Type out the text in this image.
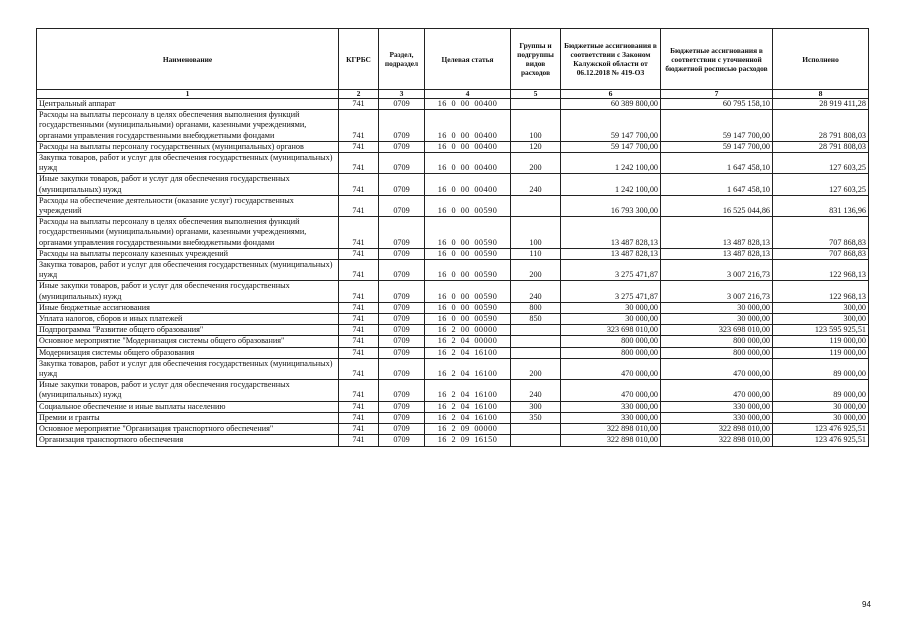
Наименование	КГРБС	Раздел, подраздел	Целевая статья	Группы и подгруппы видов расходов	Бюджетные ассигнования в соответствии с Законом Калужской области от 06.12.2018 № 419-ОЗ	Бюджетные ассигнования в соответствии с уточненной бюджетной росписью расходов	Исполнено
1	2	3	4	5	6	7	8
Центральный аппарат	741	0709	16 0 00 00400		60 389 800,00	60 795 158,10	28 919 411,28
Расходы на выплаты персоналу в целях обеспечения выполнения функций государственными (муниципальными) органами, казенными учреждениями, органами управления государственными внебюджетными фондами	741	0709	16 0 00 00400	100	59 147 700,00	59 147 700,00	28 791 808,03
Расходы на выплаты персоналу государственных (муниципальных) органов	741	0709	16 0 00 00400	120	59 147 700,00	59 147 700,00	28 791 808,03
Закупка товаров, работ и услуг для обеспечения государственных (муниципальных) нужд	741	0709	16 0 00 00400	200	1 242 100,00	1 647 458,10	127 603,25
Иные закупки товаров, работ и услуг для обеспечения государственных (муниципальных) нужд	741	0709	16 0 00 00400	240	1 242 100,00	1 647 458,10	127 603,25
Расходы на обеспечение деятельности (оказание услуг) государственных учреждений	741	0709	16 0 00 00590		16 793 300,00	16 525 044,86	831 136,96
Расходы на выплаты персоналу в целях обеспечения выполнения функций государственными (муниципальными) органами, казенными учреждениями, органами управления государственными внебюджетными фондами	741	0709	16 0 00 00590	100	13 487 828,13	13 487 828,13	707 868,83
Расходы на выплаты персоналу казенных учреждений	741	0709	16 0 00 00590	110	13 487 828,13	13 487 828,13	707 868,83
Закупка товаров, работ и услуг для обеспечения государственных (муниципальных) нужд	741	0709	16 0 00 00590	200	3 275 471,87	3 007 216,73	122 968,13
Иные закупки товаров, работ и услуг для обеспечения государственных (муниципальных) нужд	741	0709	16 0 00 00590	240	3 275 471,87	3 007 216,73	122 968,13
Иные бюджетные ассигнования	741	0709	16 0 00 00590	800	30 000,00	30 000,00	300,00
Уплата налогов, сборов и иных платежей	741	0709	16 0 00 00590	850	30 000,00	30 000,00	300,00
Подпрограмма "Развитие общего образования"	741	0709	16 2 00 00000		323 698 010,00	323 698 010,00	123 595 925,51
Основное мероприятие "Модернизация системы общего образования"	741	0709	16 2 04 00000		800 000,00	800 000,00	119 000,00
Модернизация системы общего образования	741	0709	16 2 04 16100		800 000,00	800 000,00	119 000,00
Закупка товаров, работ и услуг для обеспечения государственных (муниципальных) нужд	741	0709	16 2 04 16100	200	470 000,00	470 000,00	89 000,00
Иные закупки товаров, работ и услуг для обеспечения государственных (муниципальных) нужд	741	0709	16 2 04 16100	240	470 000,00	470 000,00	89 000,00
Социальное обеспечение и иные выплаты населению	741	0709	16 2 04 16100	300	330 000,00	330 000,00	30 000,00
Премии и гранты	741	0709	16 2 04 16100	350	330 000,00	330 000,00	30 000,00
Основное мероприятие "Организация транспортного обеспечения"	741	0709	16 2 09 00000		322 898 010,00	322 898 010,00	123 476 925,51
Организация транспортного обеспечения	741	0709	16 2 09 16150		322 898 010,00	322 898 010,00	123 476 925,51
94
